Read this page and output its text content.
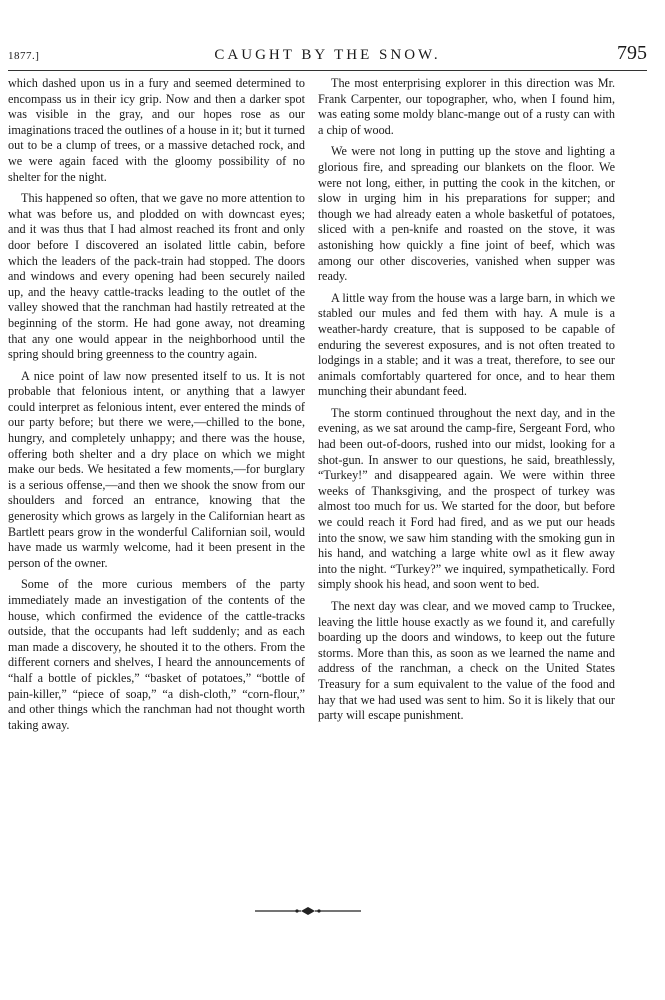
1877.]	CAUGHT BY THE SNOW.	795

which dashed upon us in a fury and seemed determined to encompass us in their icy grip. Now and then a darker spot was visible in the gray, and our hopes rose as our imaginations traced the outlines of a house in it; but it turned out to be a clump of trees, or a massive detached rock, and we were again faced with the gloomy possibility of no shelter for the night.

This happened so often, that we gave no more attention to what was before us, and plodded on with downcast eyes; and it was thus that I had almost reached its front and only door before I discovered an isolated little cabin, before which the leaders of the pack-train had stopped. The doors and windows and every opening had been securely nailed up, and the heavy cattle-tracks leading to the outlet of the valley showed that the ranchman had hastily retreated at the beginning of the storm. He had gone away, not dreaming that any one would appear in the neighborhood until the spring should bring greenness to the country again.

A nice point of law now presented itself to us. It is not probable that felonious intent, or anything that a lawyer could interpret as felonious intent, ever entered the minds of our party before; but there we were,—chilled to the bone, hungry, and completely unhappy; and there was the house, offering both shelter and a dry place on which we might make our beds. We hesitated a few moments,—for burglary is a serious offense,—and then we shook the snow from our shoulders and forced an entrance, knowing that the generosity which grows as largely in the Californian heart as Bartlett pears grow in the wonderful Californian soil, would have made us warmly welcome, had it been present in the person of the owner.

Some of the more curious members of the party immediately made an investigation of the contents of the house, which confirmed the evidence of the cattle-tracks outside, that the occupants had left suddenly; and as each man made a discovery, he shouted it to the others. From the different corners and shelves, I heard the announcements of “half a bottle of pickles,” “basket of potatoes,” “bottle of pain-killer,” “piece of soap,” “a dish-cloth,” “corn-flour,” and other things which the ranchman had not thought worth taking away.

The most enterprising explorer in this direction was Mr. Frank Carpenter, our topographer, who, when I found him, was eating some moldy blanc-mange out of a rusty can with a chip of wood.

We were not long in putting up the stove and lighting a glorious fire, and spreading our blankets on the floor. We were not long, either, in putting the cook in the kitchen, or slow in urging him in his preparations for supper; and though we had already eaten a whole basketful of potatoes, sliced with a pen-knife and roasted on the stove, it was astonishing how quickly a fine joint of beef, which was among our other discoveries, vanished when supper was ready.

A little way from the house was a large barn, in which we stabled our mules and fed them with hay. A mule is a weather-hardy creature, that is supposed to be capable of enduring the severest exposures, and is not often treated to lodgings in a stable; and it was a treat, therefore, to see our animals comfortably quartered for once, and to hear them munching their abundant feed.

The storm continued throughout the next day, and in the evening, as we sat around the camp-fire, Sergeant Ford, who had been out-of-doors, rushed into our midst, looking for a shot-gun. In answer to our questions, he said, breathlessly, “Turkey!” and disappeared again. We were within three weeks of Thanksgiving, and the prospect of turkey was almost too much for us. We started for the door, but before we could reach it Ford had fired, and as we put our heads into the snow, we saw him standing with the smoking gun in his hand, and watching a large white owl as it flew away into the night. “Turkey?” we inquired, sympathetically. Ford simply shook his head, and soon went to bed.

The next day was clear, and we moved camp to Truckee, leaving the little house exactly as we found it, and carefully boarding up the doors and windows, to keep out the future storms. More than this, as soon as we learned the name and address of the ranchman, a check on the United States Treasury for a sum equivalent to the value of the food and hay that we had used was sent to him. So it is likely that our party will escape punishment.
